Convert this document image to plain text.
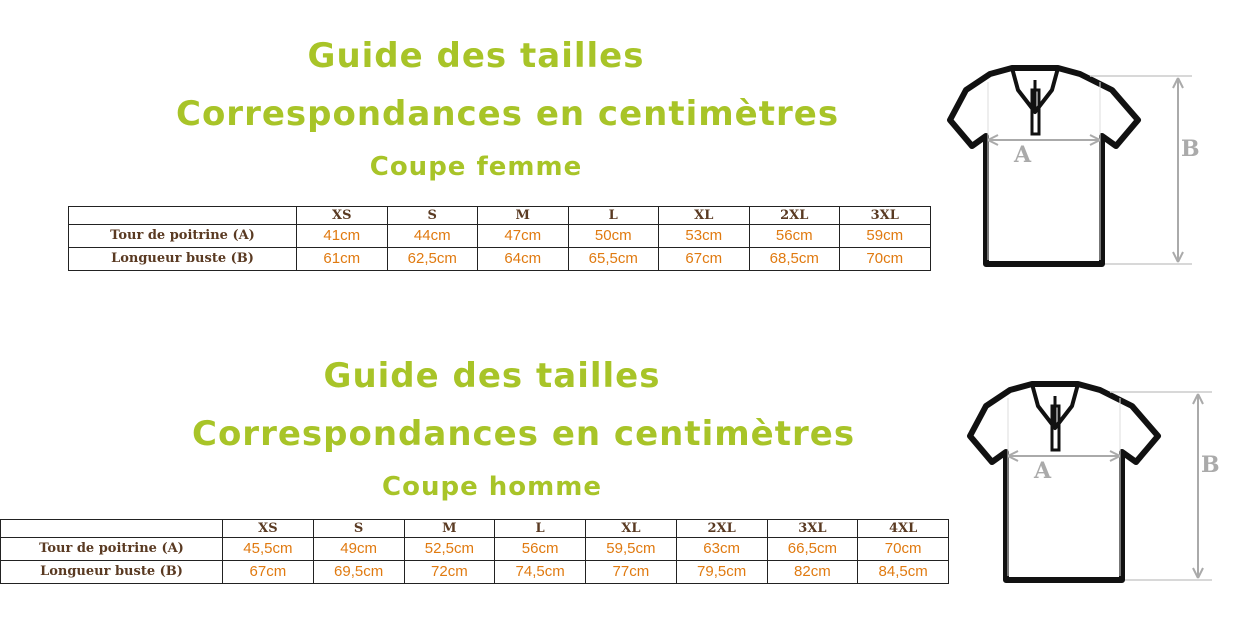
Guide des tailles
Correspondances en centimètres
Coupe femme
	XS	S	M	L	XL	2XL	3XL
Tour de poitrine (A)	41cm	44cm	47cm	50cm	53cm	56cm	59cm
Longueur buste (B)	61cm	62,5cm	64cm	65,5cm	67cm	68,5cm	70cm
A	B
Guide des tailles
Correspondances en centimètres
Coupe homme
	XS	S	M	L	XL	2XL	3XL	4XL
Tour de poitrine (A)	45,5cm	49cm	52,5cm	56cm	59,5cm	63cm	66,5cm	70cm
Longueur buste (B)	67cm	69,5cm	72cm	74,5cm	77cm	79,5cm	82cm	84,5cm
A	B
